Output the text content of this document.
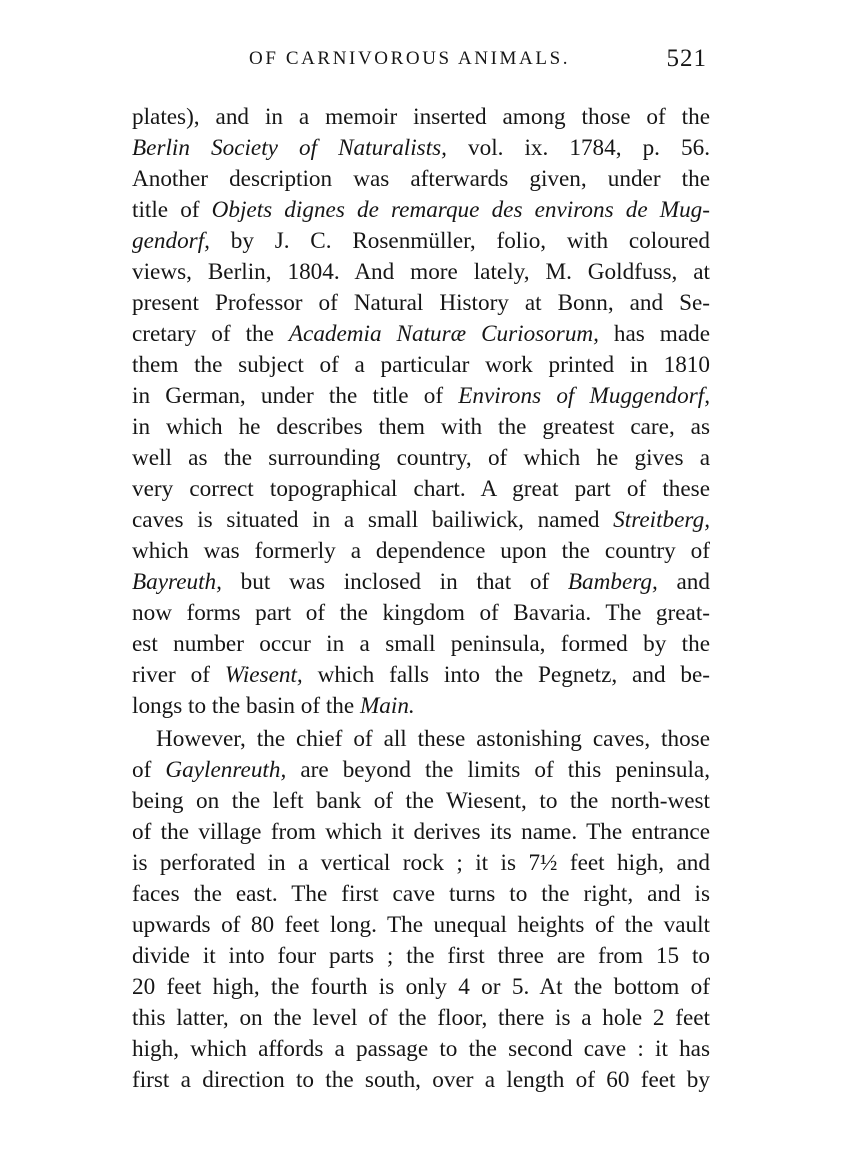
OF CARNIVOROUS ANIMALS.	521
plates), and in a memoir inserted among those of the
Berlin Society of Naturalists, vol. ix. 1784, p. 56.
Another description was afterwards given, under the
title of Objets dignes de remarque des environs de Mug-
gendorf, by J. C. Rosenmüller, folio, with coloured
views, Berlin, 1804. And more lately, M. Goldfuss, at
present Professor of Natural History at Bonn, and Se-
cretary of the Academia Naturæ Curiosorum, has made
them the subject of a particular work printed in 1810
in German, under the title of Environs of Muggendorf,
in which he describes them with the greatest care, as
well as the surrounding country, of which he gives a
very correct topographical chart. A great part of these
caves is situated in a small bailiwick, named Streitberg,
which was formerly a dependence upon the country of
Bayreuth, but was inclosed in that of Bamberg, and
now forms part of the kingdom of Bavaria. The great-
est number occur in a small peninsula, formed by the
river of Wiesent, which falls into the Pegnetz, and be-
longs to the basin of the Main.
However, the chief of all these astonishing caves, those
of Gaylenreuth, are beyond the limits of this peninsula,
being on the left bank of the Wiesent, to the north-west
of the village from which it derives its name. The entrance
is perforated in a vertical rock ; it is 7½ feet high, and
faces the east. The first cave turns to the right, and is
upwards of 80 feet long. The unequal heights of the vault
divide it into four parts ; the first three are from 15 to
20 feet high, the fourth is only 4 or 5. At the bottom of
this latter, on the level of the floor, there is a hole 2 feet
high, which affords a passage to the second cave : it has
first a direction to the south, over a length of 60 feet by
